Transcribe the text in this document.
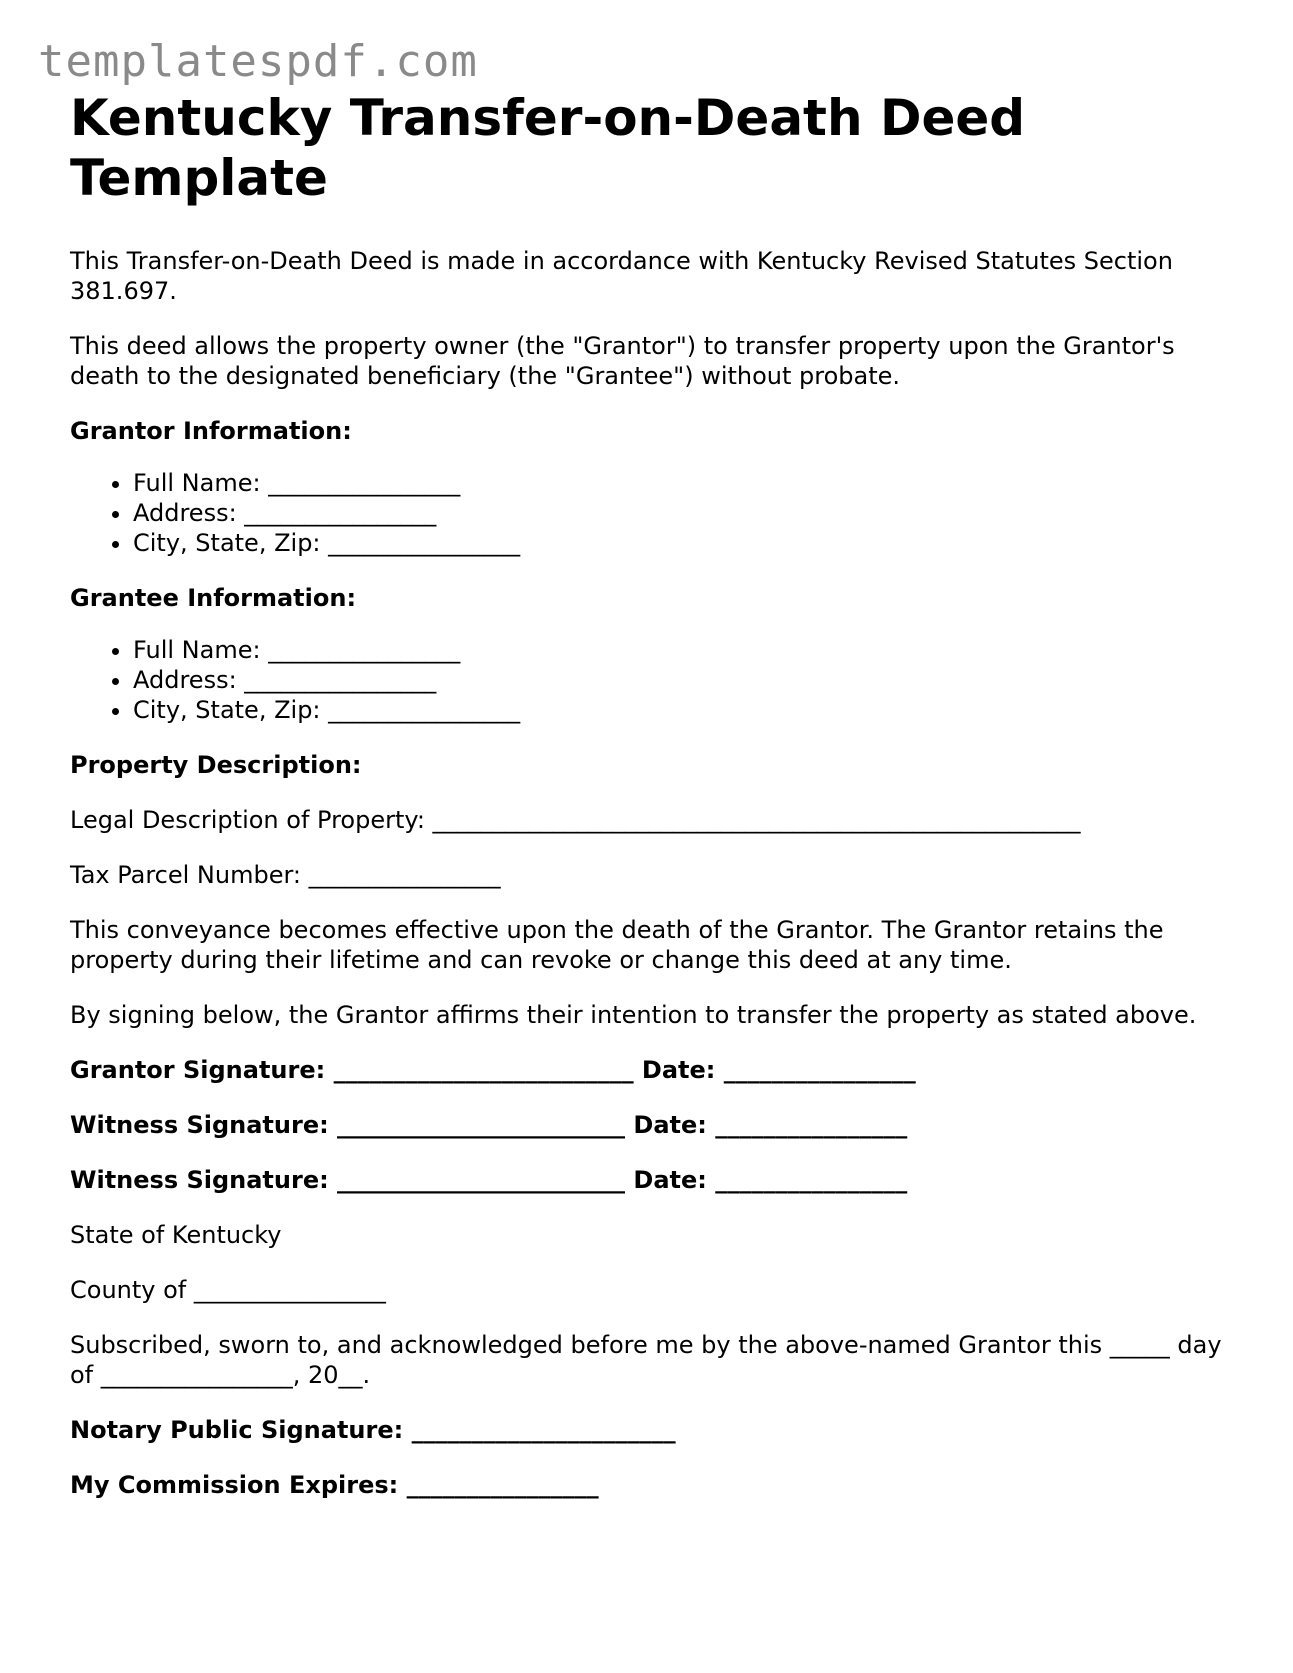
templatespdf.com
Kentucky Transfer-on-Death Deed Template

This Transfer-on-Death Deed is made in accordance with Kentucky Revised Statutes Section 381.697.

This deed allows the property owner (the "Grantor") to transfer property upon the Grantor's death to the designated beneficiary (the "Grantee") without probate.

Grantor Information:

• Full Name: ________________
• Address: ________________
• City, State, Zip: ________________

Grantee Information:

• Full Name: ________________
• Address: ________________
• City, State, Zip: ________________

Property Description:

Legal Description of Property: ______________________________________________________

Tax Parcel Number: ________________

This conveyance becomes effective upon the death of the Grantor. The Grantor retains the property during their lifetime and can revoke or change this deed at any time.

By signing below, the Grantor affirms their intention to transfer the property as stated above.

Grantor Signature: _________________________ Date: ________________

Witness Signature: ________________________ Date: ________________

Witness Signature: ________________________ Date: ________________

State of Kentucky

County of ________________

Subscribed, sworn to, and acknowledged before me by the above-named Grantor this _____ day of ________________, 20__.

Notary Public Signature: ______________________

My Commission Expires: ________________
